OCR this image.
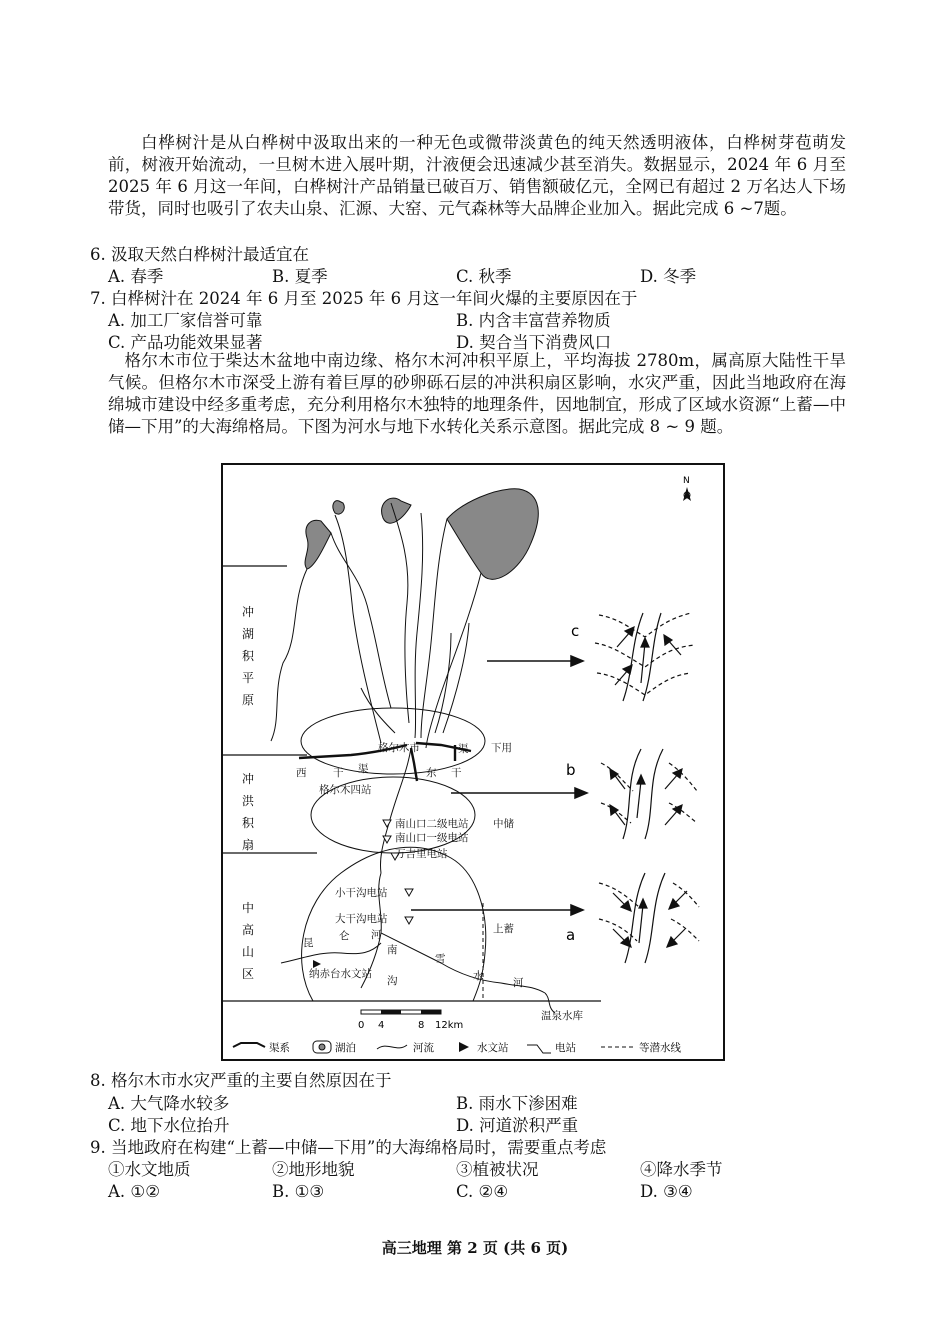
白桦树汁是从白桦树中汲取出来的一种无色或微带淡黄色的纯天然透明液体，白桦树芽苞萌发前，树液开始流动，一旦树木进入展叶期，汁液便会迅速减少甚至消失。数据显示，2024 年 6 月至 2025 年 6 月这一年间，白桦树汁产品销量已破百万、销售额破亿元，全网已有超过 2 万名达人下场带货，同时也吸引了农夫山泉、汇源、大窑、元气森林等大品牌企业加入。据此完成 6 ~7题。
6. 汲取天然白桦树汁最适宜在
A. 春季	B. 夏季	C. 秋季	D. 冬季
7. 白桦树汁在 2024 年 6 月至 2025 年 6 月这一年间火爆的主要原因在于
A. 加工厂家信誉可靠	B. 内含丰富营养物质
C. 产品功能效果显著	D. 契合当下消费风口
格尔木市位于柴达木盆地中南边缘、格尔木河冲积平原上，平均海拔 2780m，属高原大陆性干旱气候。但格尔木市深受上游有着巨厚的砂卵砾石层的冲洪积扇区影响，水灾严重，因此当地政府在海绵城市建设中经多重考虑，充分利用格尔木独特的地理条件，因地制宜，形成了区域水资源“上蓄—中储—下用”的大海绵格局。下图为河水与地下水转化关系示意图。据此完成 8 ~ 9 题。
冲
湖
积
平
原
冲
洪
积
扇
中
高
山
区
N
格尔木市	渠 下用
西	干 渠	东 干
格尔木四站
南山口二级电站
南山口一级电站
万吉里电站
中储
小干沟电站
大干沟电站
昆
仑 河
南
沟
雪
水
河
纳赤台水文站
上蓄
温泉水库
c
b
a
0 4	8 12km
渠系	湖泊	河流	水文站	电站	等潜水线
8. 格尔木市水灾严重的主要自然原因在于
A. 大气降水较多	B. 雨水下渗困难
C. 地下水位抬升	D. 河道淤积严重
9. 当地政府在构建“上蓄—中储—下用”的大海绵格局时，需要重点考虑
①水文地质	②地形地貌	③植被状况	④降水季节
A. ①②	B. ①③	C. ②④	D. ③④
高三地理 第 2 页 (共 6 页)
